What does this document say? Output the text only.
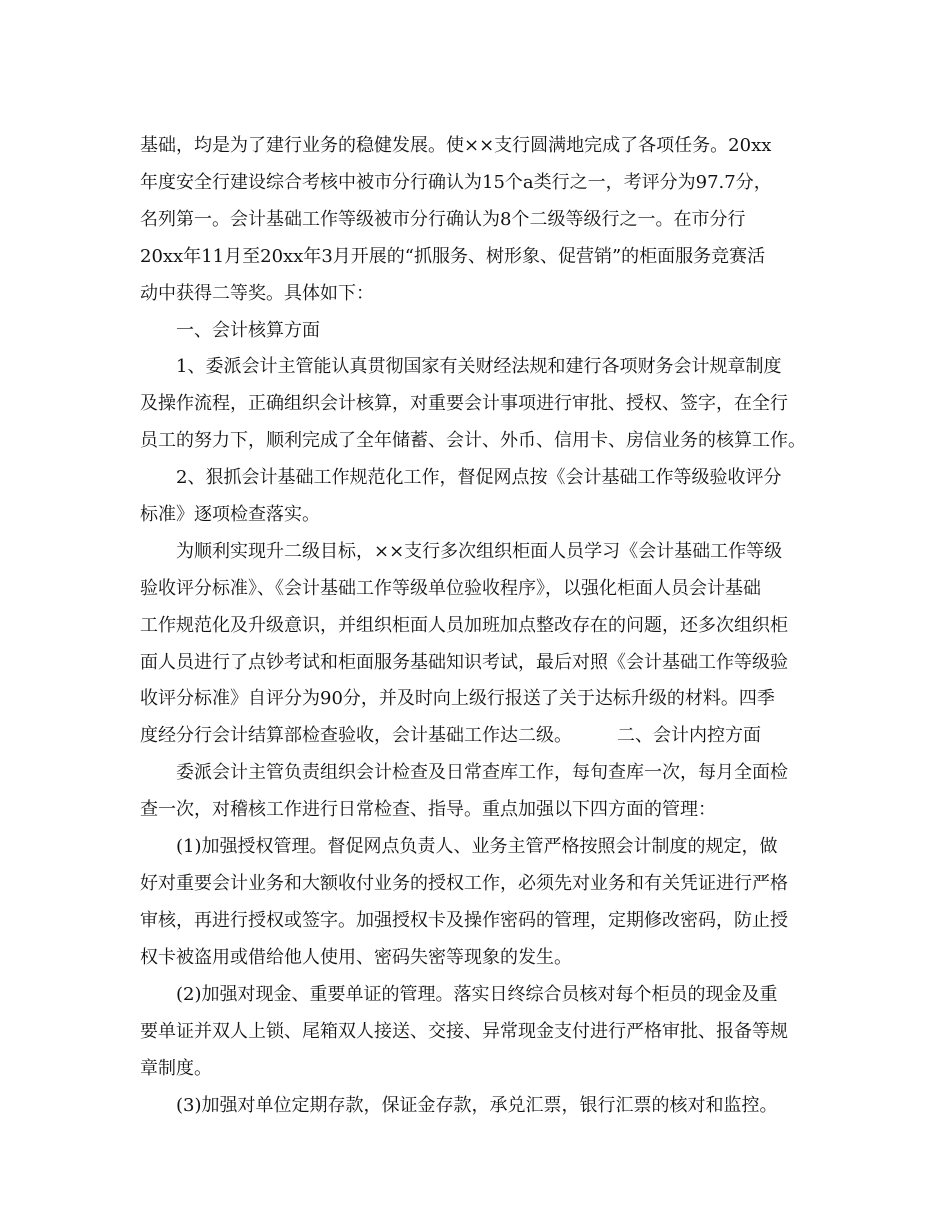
基础，均是为了建行业务的稳健发展。使××支行圆满地完成了各项任务。20xx
年度安全行建设综合考核中被市分行确认为15个a类行之一，考评分为97.7分，
名列第一。会计基础工作等级被市分行确认为8个二级等级行之一。在市分行
20xx年11月至20xx年3月开展的“抓服务、树形象、促营销”的柜面服务竞赛活
动中获得二等奖。具体如下：
一、会计核算方面
1、委派会计主管能认真贯彻国家有关财经法规和建行各项财务会计规章制度
及操作流程，正确组织会计核算，对重要会计事项进行审批、授权、签字，在全行
员工的努力下，顺利完成了全年储蓄、会计、外币、信用卡、房信业务的核算工作。
2、狠抓会计基础工作规范化工作，督促网点按《会计基础工作等级验收评分
标准》逐项检查落实。
为顺利实现升二级目标，××支行多次组织柜面人员学习《会计基础工作等级
验收评分标准》、《会计基础工作等级单位验收程序》，以强化柜面人员会计基础
工作规范化及升级意识，并组织柜面人员加班加点整改存在的问题，还多次组织柜
面人员进行了点钞考试和柜面服务基础知识考试，最后对照《会计基础工作等级验
收评分标准》自评分为90分，并及时向上级行报送了关于达标升级的材料。四季
度经分行会计结算部检查验收，会计基础工作达二级。　　　二、会计内控方面
委派会计主管负责组织会计检查及日常查库工作，每旬查库一次，每月全面检
查一次，对稽核工作进行日常检查、指导。重点加强以下四方面的管理：
(1)加强授权管理。督促网点负责人、业务主管严格按照会计制度的规定，做
好对重要会计业务和大额收付业务的授权工作，必须先对业务和有关凭证进行严格
审核，再进行授权或签字。加强授权卡及操作密码的管理，定期修改密码，防止授
权卡被盗用或借给他人使用、密码失密等现象的发生。
(2)加强对现金、重要单证的管理。落实日终综合员核对每个柜员的现金及重
要单证并双人上锁、尾箱双人接送、交接、异常现金支付进行严格审批、报备等规
章制度。
(3)加强对单位定期存款，保证金存款，承兑汇票，银行汇票的核对和监控。
